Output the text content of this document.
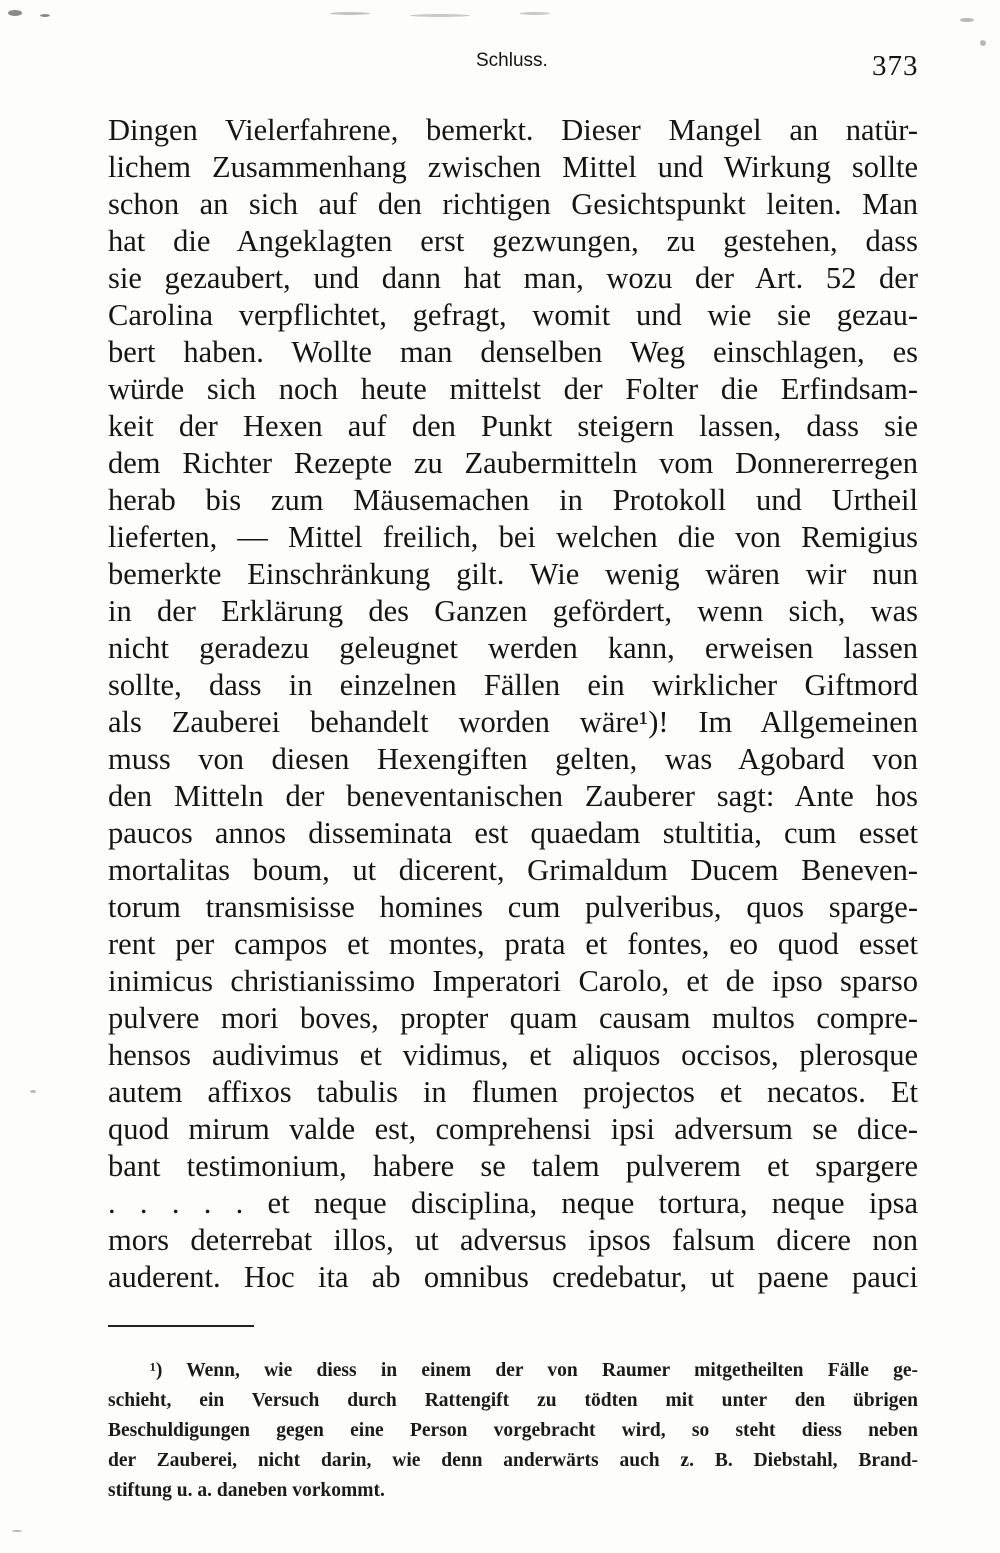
Schluss.	373
Dingen Vielerfahrene, bemerkt. Dieser Mangel an natür-
lichem Zusammenhang zwischen Mittel und Wirkung sollte
schon an sich auf den richtigen Gesichtspunkt leiten. Man
hat die Angeklagten erst gezwungen, zu gestehen, dass
sie gezaubert, und dann hat man, wozu der Art. 52 der
Carolina verpflichtet, gefragt, womit und wie sie gezau-
bert haben. Wollte man denselben Weg einschlagen, es
würde sich noch heute mittelst der Folter die Erfindsam-
keit der Hexen auf den Punkt steigern lassen, dass sie
dem Richter Rezepte zu Zaubermitteln vom Donnererregen
herab bis zum Mäusemachen in Protokoll und Urtheil
lieferten, — Mittel freilich, bei welchen die von Remigius
bemerkte Einschränkung gilt. Wie wenig wären wir nun
in der Erklärung des Ganzen gefördert, wenn sich, was
nicht geradezu geleugnet werden kann, erweisen lassen
sollte, dass in einzelnen Fällen ein wirklicher Giftmord
als Zauberei behandelt worden wäre¹)! Im Allgemeinen
muss von diesen Hexengiften gelten, was Agobard von
den Mitteln der beneventanischen Zauberer sagt: Ante hos
paucos annos disseminata est quaedam stultitia, cum esset
mortalitas boum, ut dicerent, Grimaldum Ducem Beneven-
torum transmisisse homines cum pulveribus, quos sparge-
rent per campos et montes, prata et fontes, eo quod esset
inimicus christianissimo Imperatori Carolo, et de ipso sparso
pulvere mori boves, propter quam causam multos compre-
hensos audivimus et vidimus, et aliquos occisos, plerosque
autem affixos tabulis in flumen projectos et necatos. Et
quod mirum valde est, comprehensi ipsi adversum se dice-
bant testimonium, habere se talem pulverem et spargere
. . . . . et neque disciplina, neque tortura, neque ipsa
mors deterrebat illos, ut adversus ipsos falsum dicere non
auderent. Hoc ita ab omnibus credebatur, ut paene pauci
¹) Wenn, wie diess in einem der von Raumer mitgetheilten Fälle ge-
schieht, ein Versuch durch Rattengift zu tödten mit unter den übrigen
Beschuldigungen gegen eine Person vorgebracht wird, so steht diess neben
der Zauberei, nicht darin, wie denn anderwärts auch z. B. Diebstahl, Brand-
stiftung u. a. daneben vorkommt.
